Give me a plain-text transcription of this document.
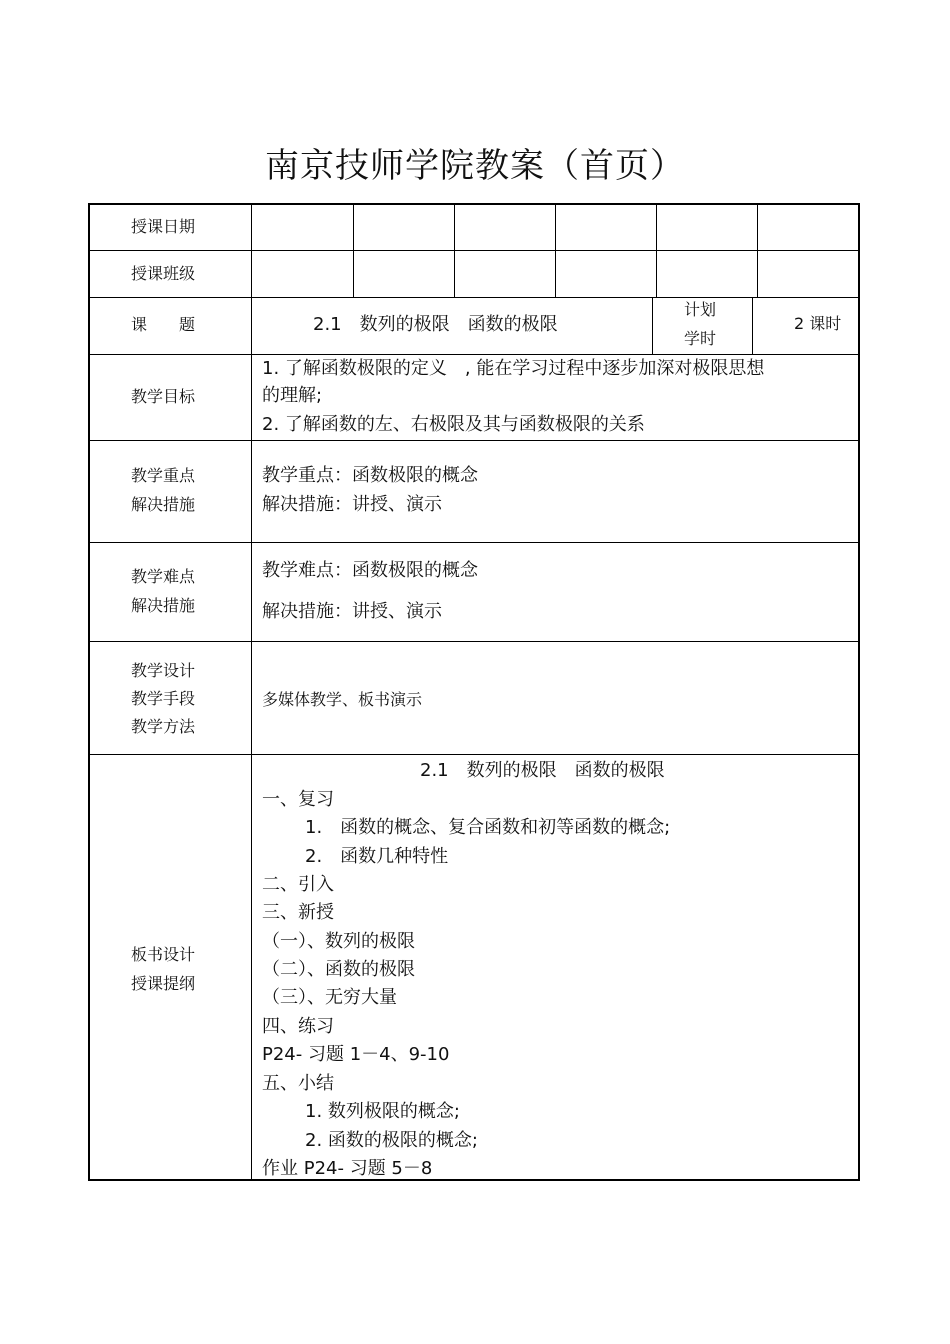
南京技师学院教案（首页）
授课日期
授课班级
课　　题	2.1　数列的极限　函数的极限
计划
学时
2 课时
教学目标
1. 了解函数极限的定义　, 能在学习过程中逐步加深对极限思想
的理解;
2. 了解函数的左、右极限及其与函数极限的关系
教学重点
解决措施
教学重点：函数极限的概念
解决措施：讲授、演示
教学难点
解决措施
教学难点：函数极限的概念
解决措施：讲授、演示
教学设计
教学手段
教学方法
多媒体教学、板书演示
板书设计
授课提纲
2.1　数列的极限　函数的极限
一、复习
1.　函数的概念、复合函数和初等函数的概念;
2.　函数几种特性
二、引入
三、新授
（一）、数列的极限
（二）、函数的极限
（三）、无穷大量
四、练习
P24- 习题 1－4、9-10
五、小结
1. 数列极限的概念;
2. 函数的极限的概念;
作业 P24- 习题 5－8
